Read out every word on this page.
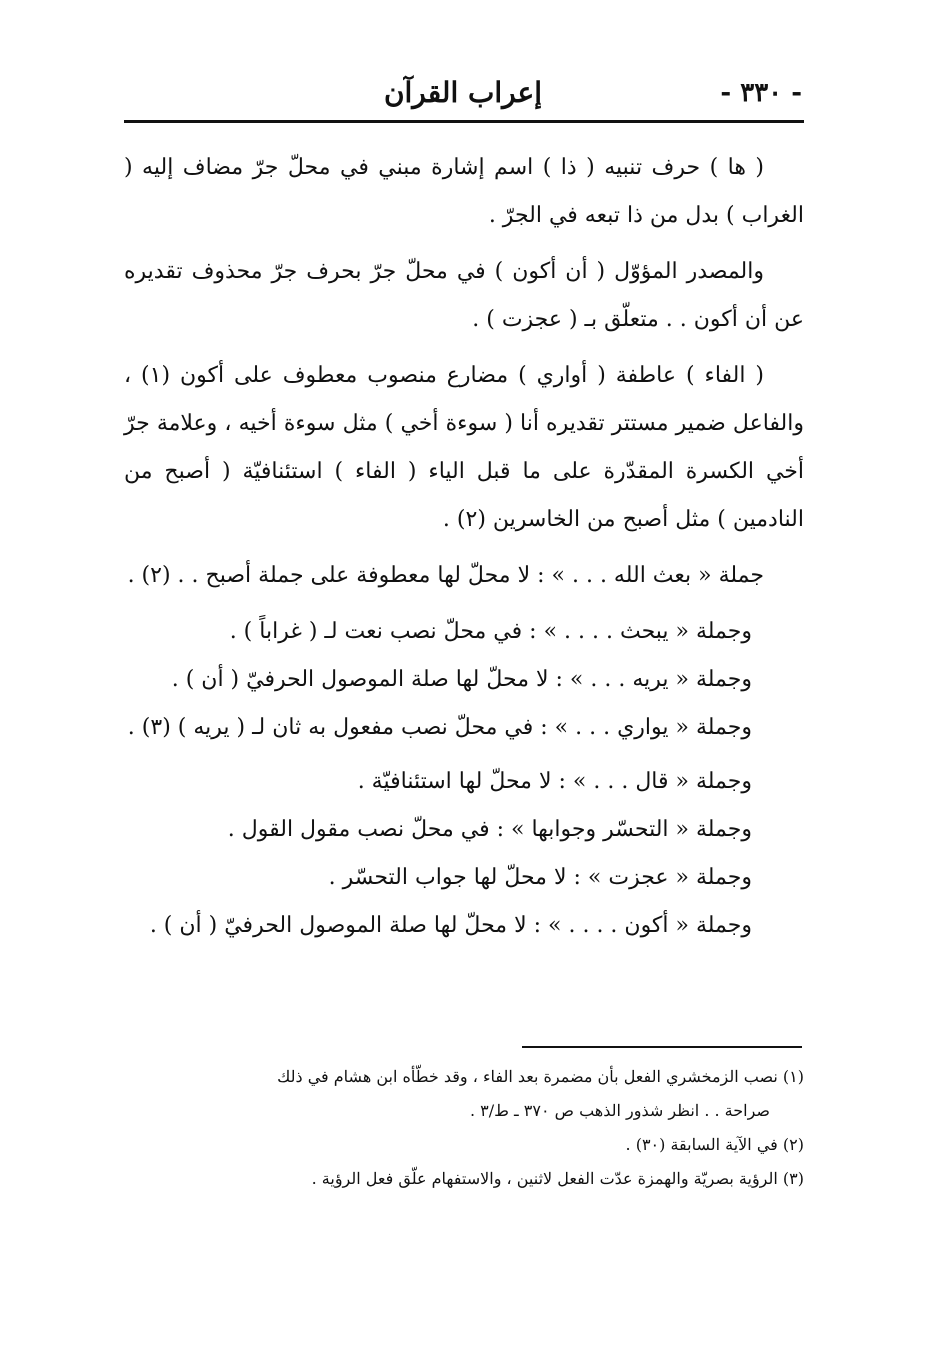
- ٣٣٠ -
إعراب القرآن

( ها ) حرف تنبيه ( ذا ) اسم إشارة مبني في محلّ جرّ مضاف إليه ( الغراب ) بدل من ذا تبعه في الجرّ .

والمصدر المؤوّل ( أن أكون ) في محلّ جرّ بحرف جرّ محذوف تقديره عن أن أكون . . متعلّق بـ ( عجزت ) .

( الفاء ) عاطفة ( أواري ) مضارع منصوب معطوف على أكون (١) ، والفاعل ضمير مستتر تقديره أنا ( سوءة أخي ) مثل سوءة أخيه ، وعلامة جرّ أخي الكسرة المقدّرة على ما قبل الياء ( الفاء ) استئنافيّة ( أصبح من النادمين ) مثل أصبح من الخاسرين (٢) .

جملة « بعث الله . . . » : لا محلّ لها معطوفة على جملة أصبح . . (٢) .

وجملة « يبحث . . . . » : في محلّ نصب نعت لـ ( غراباً ) .

وجملة « يريه . . . » : لا محلّ لها صلة الموصول الحرفيّ ( أن ) .

وجملة « يواري . . . » : في محلّ نصب مفعول به ثان لـ ( يريه ) (٣) .

وجملة « قال . . . » : لا محلّ لها استئنافيّة .

وجملة « التحسّر وجوابها » : في محلّ نصب مقول القول .

وجملة « عجزت » : لا محلّ لها جواب التحسّر .

وجملة « أكون . . . . » : لا محلّ لها صلة الموصول الحرفيّ ( أن ) .

(١) نصب الزمخشري الفعل بأن مضمرة بعد الفاء ، وقد خطّأه ابن هشام في ذلك
صراحة . . انظر شذور الذهب ص ٣٧٠ ـ ط/٣ .

(٢) في الآية السابقة (٣٠) .

(٣) الرؤية بصريّة والهمزة عدّت الفعل لاثنين ، والاستفهام علّق فعل الرؤية .
